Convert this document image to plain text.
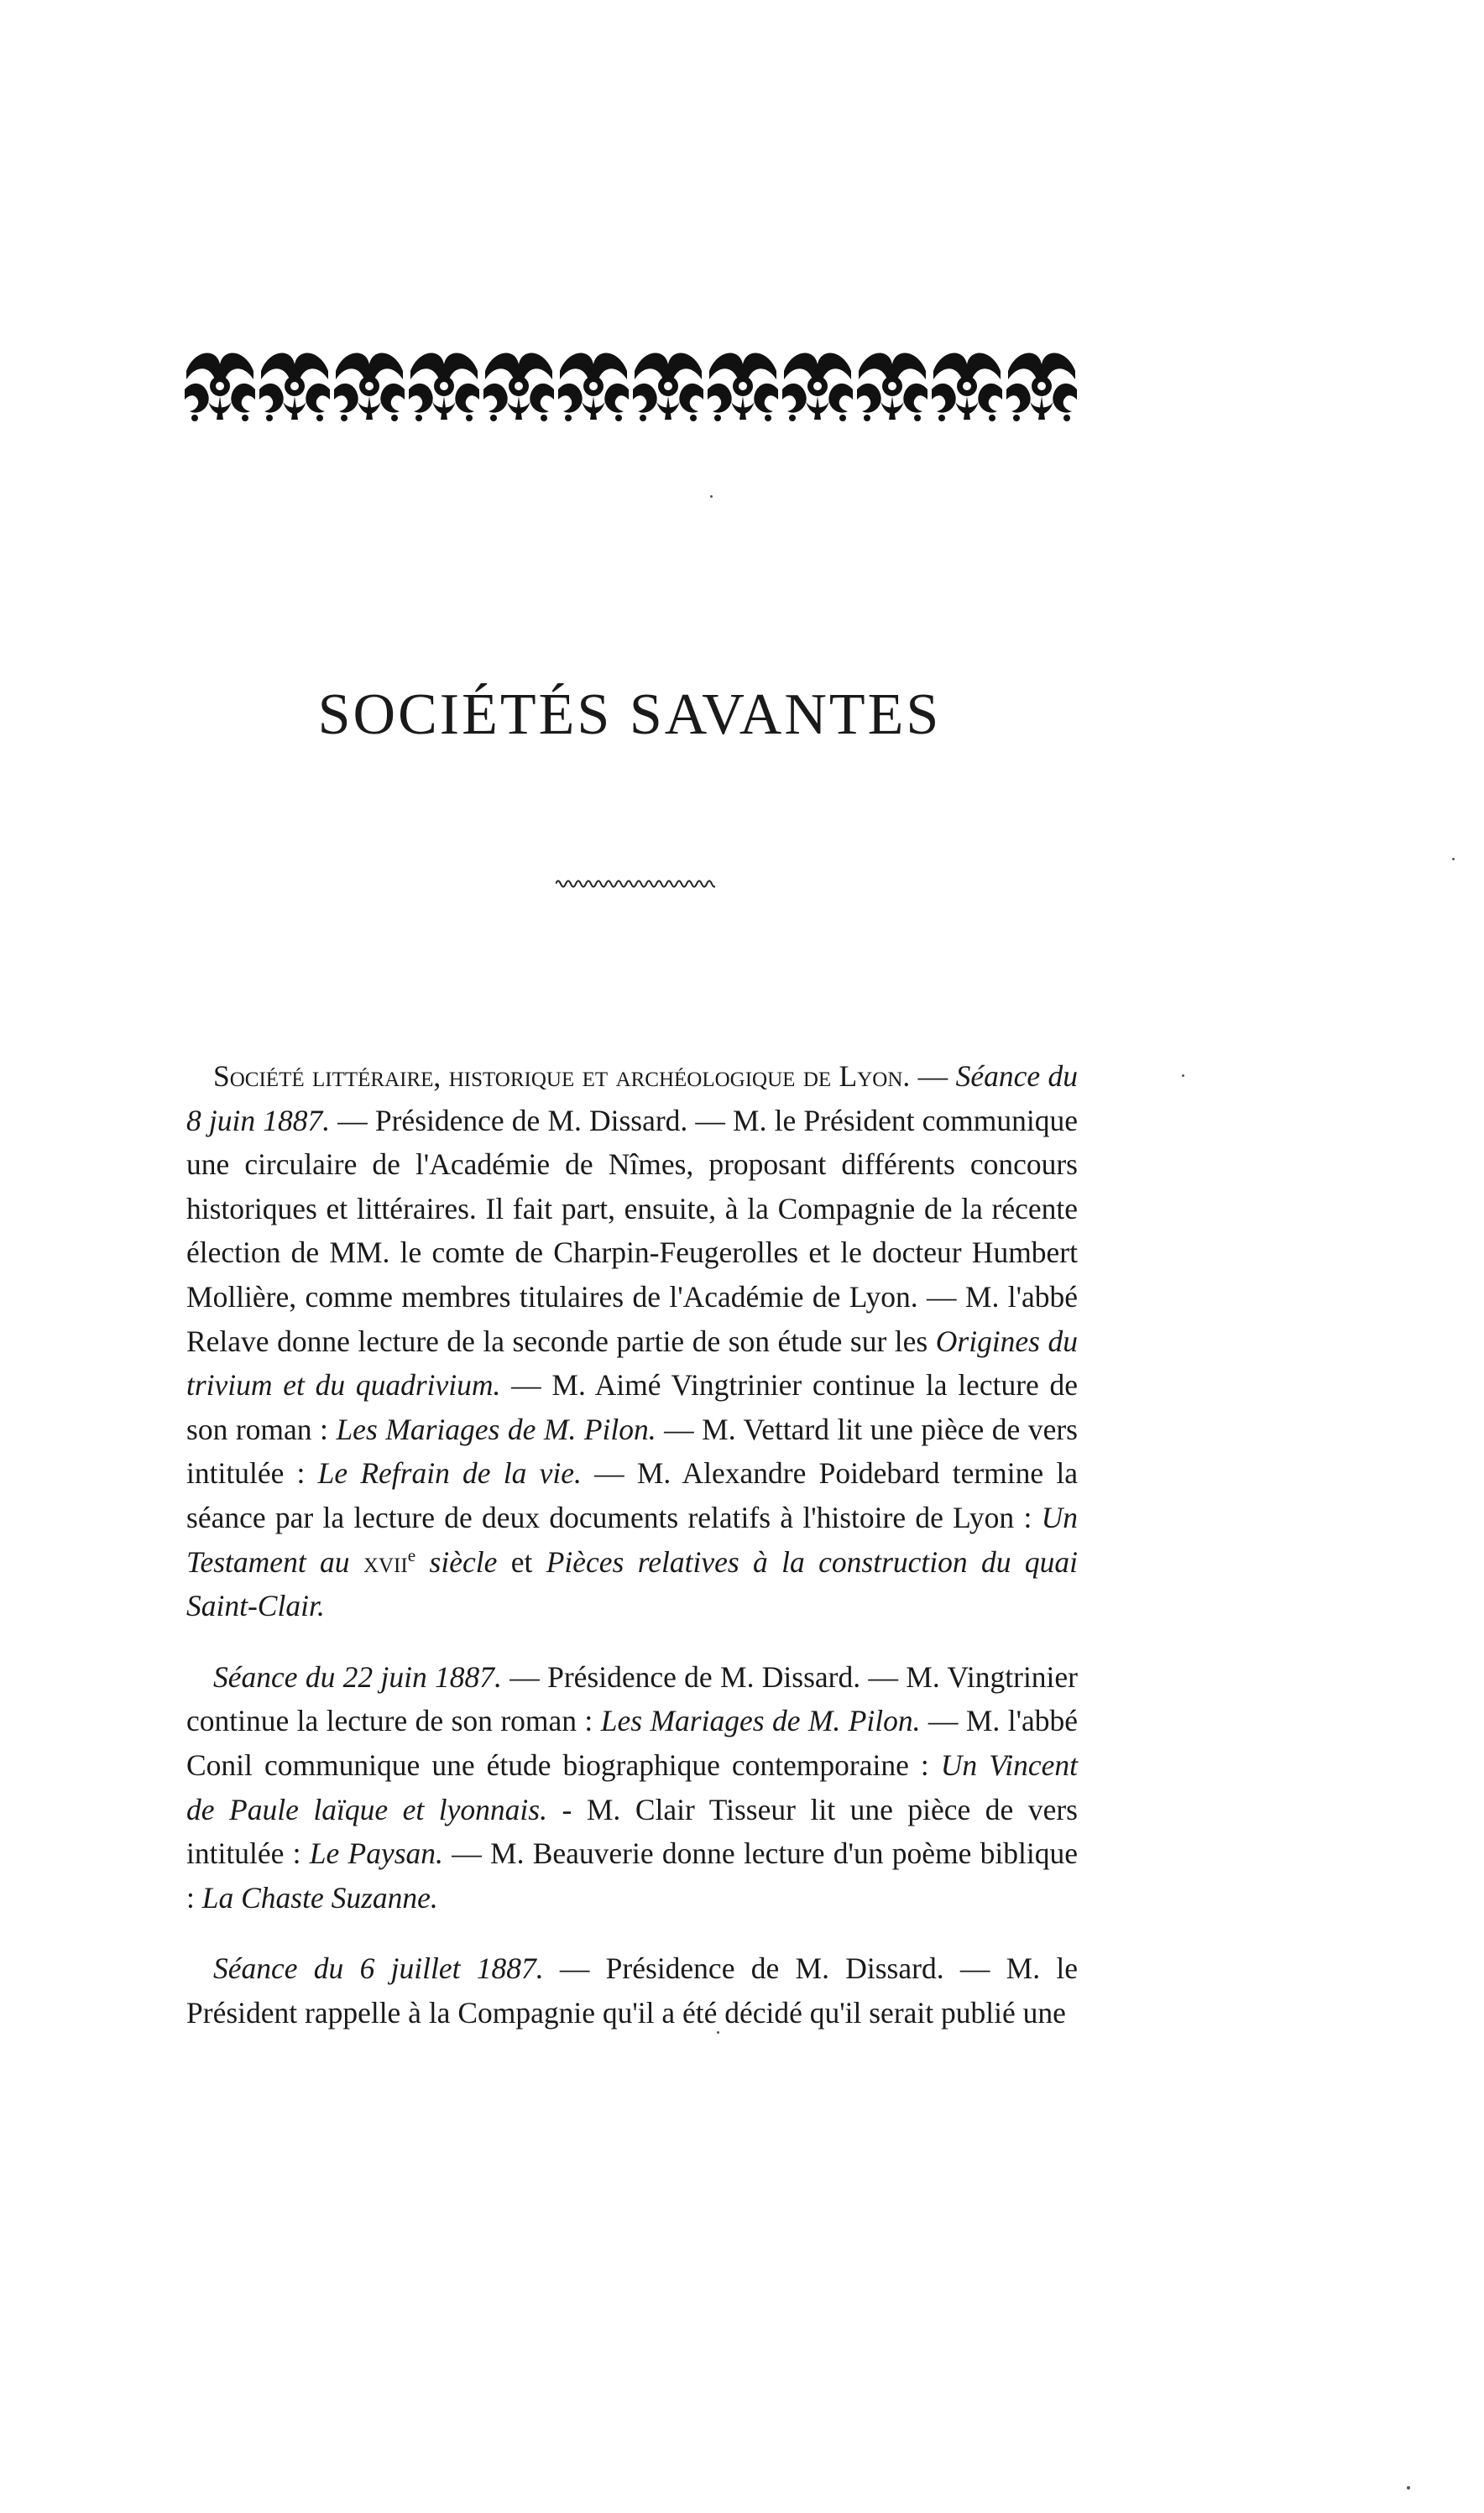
SOCIÉTÉS SAVANTES

Société littéraire, historique et archéologique de Lyon. — Séance du 8 juin 1887. — Présidence de M. Dissard. — M. le Président communique une circulaire de l'Académie de Nîmes, proposant différents concours historiques et littéraires. Il fait part, ensuite, à la Compagnie de la récente élection de MM. le comte de Charpin-Feugerolles et le docteur Humbert Mollière, comme membres titulaires de l'Académie de Lyon. — M. l'abbé Relave donne lecture de la seconde partie de son étude sur les Origines du trivium et du quadrivium. — M. Aimé Vingtrinier continue la lecture de son roman : Les Mariages de M. Pilon. — M. Vettard lit une pièce de vers intitulée : Le Refrain de la vie. — M. Alexandre Poidebard termine la séance par la lecture de deux documents relatifs à l'histoire de Lyon : Un Testament au xvii$^e$ siècle et Pièces relatives à la construction du quai Saint-Clair.

Séance du 22 juin 1887. — Présidence de M. Dissard. — M. Vingtrinier continue la lecture de son roman : Les Mariages de M. Pilon. — M. l'abbé Conil communique une étude biographique contemporaine : Un Vincent de Paule laïque et lyonnais. - M. Clair Tisseur lit une pièce de vers intitulée : Le Paysan. — M. Beauverie donne lecture d'un poème biblique : La Chaste Suzanne.

Séance du 6 juillet 1887. — Présidence de M. Dissard. — M. le Président rappelle à la Compagnie qu'il a été décidé qu'il serait publié une
